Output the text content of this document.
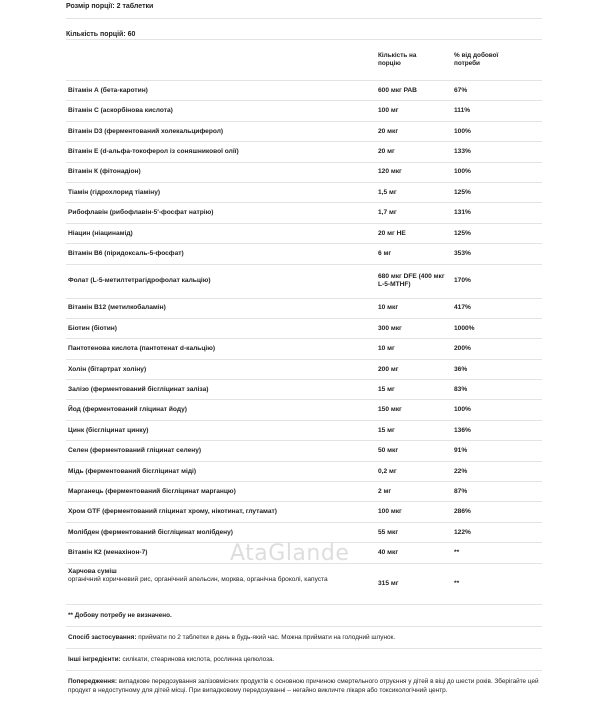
Розмір порції: 2 таблетки
Кількість порцій: 60
	Кількість на
порцію	% від добової
потреби
Вітамін А (бета-каротин)	600 мкг РАВ	67%
Вітамін С (аскорбінова кислота)	100 мг	111%
Вітамін D3 (ферментований холекальциферол)	20 мкг	100%
Вітамін Е (d-альфа-токоферол із соняшникової олії)	20 мг	133%
Вітамін К (фітонадіон)	120 мкг	100%
Тіамін (гідрохлорид тіаміну)	1,5 мг	125%
Рибофлавін (рибофлавін-5'-фосфат натрію)	1,7 мг	131%
Ніацин (ніацинамід)	20 мг НЕ	125%
Вітамін В6 (піридоксаль-5-фосфат)	6 мг	353%
Фолат (L-5-метилтетрагідрофолат кальцію)	680 мкг DFE (400 мкг L-5-MTHF)	170%
Вітамін В12 (метилкобаламін)	10 мкг	417%
Біотин (біотин)	300 мкг	1000%
Пантотенова кислота (пантотенат d-кальцію)	10 мг	200%
Холін (бітартрат холіну)	200 мг	36%
Залізо (ферментований бісгліцинат заліза)	15 мг	83%
Йод (ферментований гліцинат йоду)	150 мкг	100%
Цинк (бісгліцинат цинку)	15 мг	136%
Селен (ферментований гліцинат селену)	50 мкг	91%
Мідь (ферментований бісгліцинат міді)	0,2 мг	22%
Марганець (ферментований бісгліцинат марганцю)	2 мг	87%
Хром GTF (ферментований гліцинат хрому, нікотинат, глутамат)	100 мкг	286%
Молібден (ферментований бісгліцинат молібдену)	55 мкг	122%
Вітамін К2 (менахінон-7)	40 мкг	**
Харчова суміш
органічний коричневий рис, органічний апельсин, морква, органічна броколі, капуста	315 мг	**

** Добову потребу не визначено.

Спосіб застосування: приймати по 2 таблетки в день в будь-який час. Можна приймати на голодний шлунок.

Інші інгредієнти: силікати, стеаринова кислота, рослинна целюлоза.

Попередження: випадкове передозування залізовмісних продуктів є основною причиною смертельного отруєння у дітей в віці до шести років. Зберігайте цей продукт в недоступному для дітей місці. При випадковому передозуванні – негайно викличте лікаря або токсикологічний центр.

AtaGlande
